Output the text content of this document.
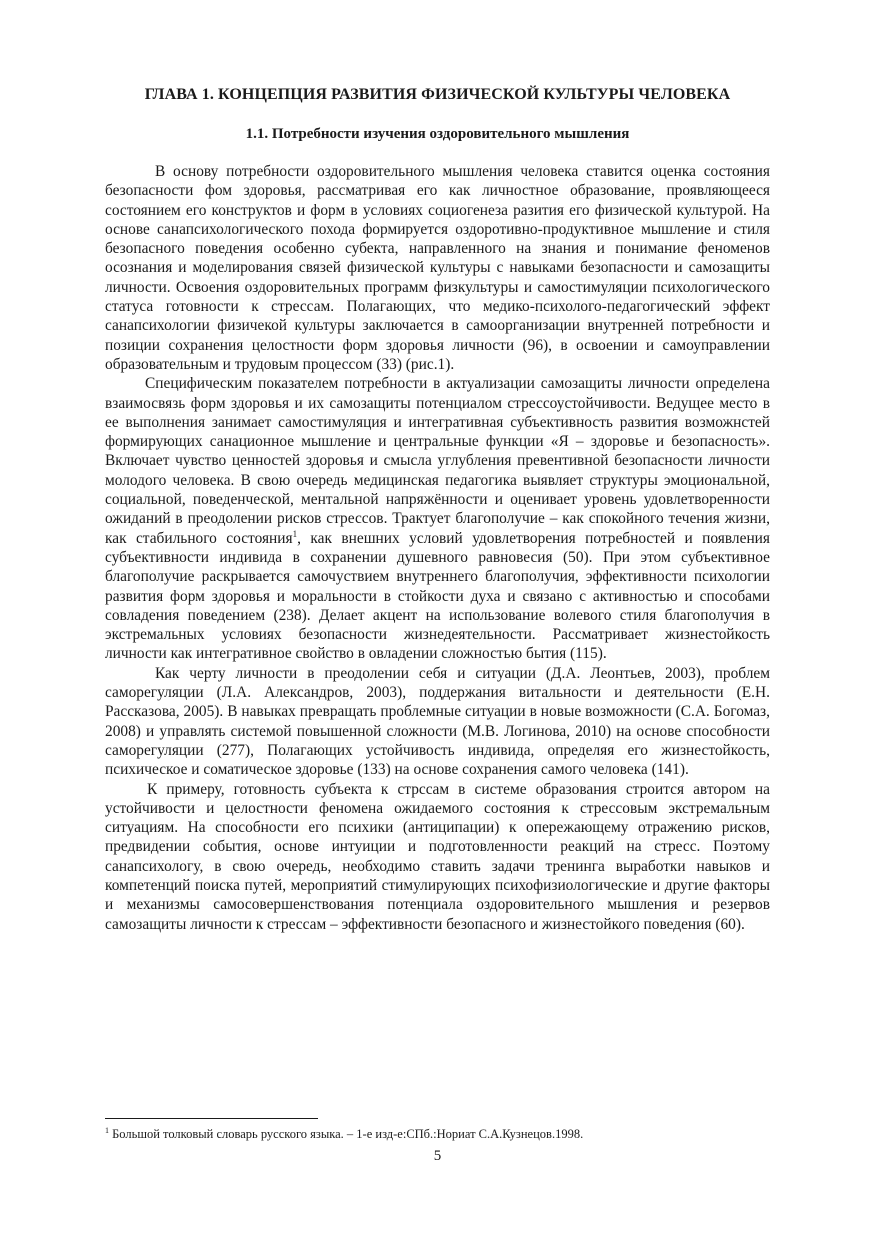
ГЛАВА 1. КОНЦЕПЦИЯ РАЗВИТИЯ ФИЗИЧЕСКОЙ КУЛЬТУРЫ ЧЕЛОВЕКА
1.1. Потребности изучения оздоровительного мышления

В основу потребности оздоровительного мышления человека ставится оценка состояния безопасности фом здоровья, рассматривая его как личностное образование, проявляющееся состоянием его конструктов и форм в условиях социогенеза разития его физической культурой. На основе санапсихологического похода формируется оздоротивно-продуктивное мышление и стиля безопасного поведения особенно субекта, направленного на знания и понимание феноменов осознания и моделирования связей физической культуры с навыками безопасности и самозащиты личности. Освоения оздоровительных программ физкультуры и самостимуляции психологического статуса готовности к стрессам. Полагающих, что медико-психолого-педагогический эффект санапсихологии физичекой культуры заключается в самоорганизации внутренней потребности и позиции сохранения целостности форм здоровья личности (96), в освоении и самоуправлении образовательным и трудовым процессом (33) (рис.1).

Специфическим показателем потребности в актуализации самозащиты личности определена взаимосвязь форм здоровья и их самозащиты потенциалом стрессоустойчивости. Ведущее место в ее выполнения занимает самостимуляция и интегративная субъективность развития возможнстей формирующих санационное мышление и центральные функции «Я – здоровье и безопасность». Включает чувство ценностей здоровья и смысла углубления превентивной безопасности личности молодого человека. В свою очередь медицинская педагогика выявляет структуры эмоциональной, социальной, поведенческой, ментальной напряжённости и оценивает уровень удовлетворенности ожиданий в преодолении рисков стрессов. Трактует благополучие – как спокойного течения жизни, как стабильного состояния$^1$, как внешних условий удовлетворения потребностей и появления субъективности индивида в сохранении душевного равновесия (50). При этом субъективное благополучие раскрывается самочуствием внутреннего благополучия, эффективности психологии развития форм здоровья и моральности в стойкости духа и связано с активностью и способами совладения поведением (238). Делает акцент на использование волевого стиля благополучия в экстремальных условиях безопасности жизнедеятельности. Рассматривает жизнестойкость личности как интегративное свойство в овладении сложностью бытия (115).

Как черту личности в преодолении себя и ситуации (Д.А. Леонтьев, 2003), проблем саморегуляции (Л.А. Александров, 2003), поддержания витальности и деятельности (Е.Н. Рассказова, 2005). В навыках превращать проблемные ситуации в новые возможности (С.А. Богомаз, 2008) и управлять системой повышенной сложности (М.В. Логинова, 2010) на основе способности саморегуляции (277), Полагающих устойчивость индивида, определяя его жизнестойкость, психическое и соматическое здоровье (133) на основе сохранения самого человека (141).

К примеру, готовность субъекта к стрсcам в системе образования строится автором на устойчивости и целостности феномена ожидаемого состояния к стрессовым экстремальным ситуациям. На способности его психики (антиципации) к опережающему отражению рисков, предвидении события, основе интуиции и подготовленности реакций на стресс. Поэтому санапсихологу, в свою очередь, необходимо ставить задачи тренинга выработки навыков и компетенций поиска путей, мероприятий стимулирующих психофизиологические и другие факторы и механизмы самосовершенствования потенциала оздоровительного мышления и резервов самозащиты личности к стрессам – эффективности безопасного и жизнестойкого поведения (60).

$^1$ Большой толковый словарь русского языка. – 1-е изд-е:СПб.:Нориат С.А.Кузнецов.1998.
5
